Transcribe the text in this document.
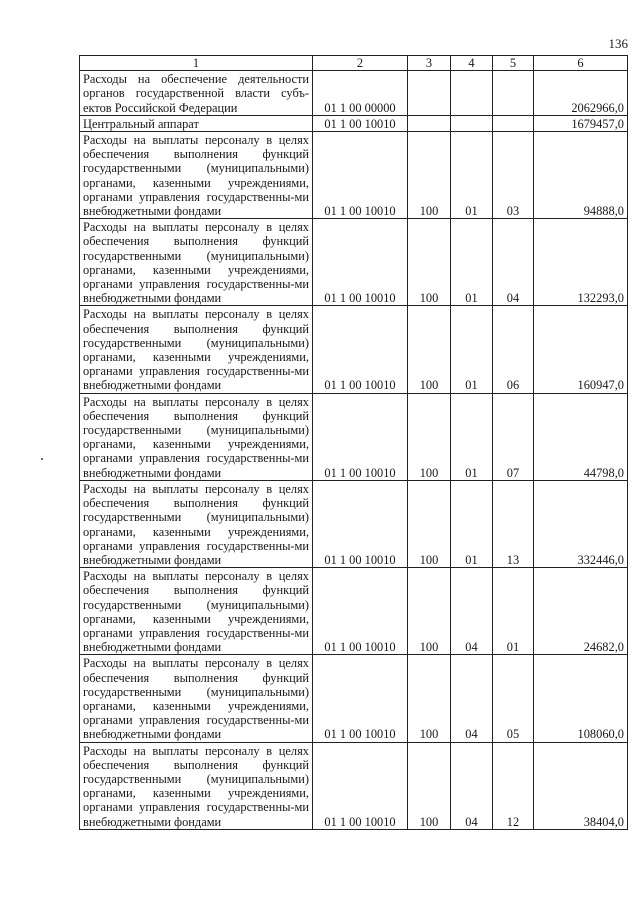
136
1	2	3	4	5	6
Расходы на обеспечение деятельности органов государственной власти субъ-ектов Российской Федерации	01 1 00 00000				2062966,0
Центральный аппарат	01 1 00 10010				1679457,0
Расходы на выплаты персоналу в целях обеспечения выполнения функций государственными (муниципальными) органами, казенными учреждениями, органами управления государственны-ми внебюджетными фондами	01 1 00 10010	100	01	03	94888,0
Расходы на выплаты персоналу в целях обеспечения выполнения функций государственными (муниципальными) органами, казенными учреждениями, органами управления государственны-ми внебюджетными фондами	01 1 00 10010	100	01	04	132293,0
Расходы на выплаты персоналу в целях обеспечения выполнения функций государственными (муниципальными) органами, казенными учреждениями, органами управления государственны-ми внебюджетными фондами	01 1 00 10010	100	01	06	160947,0
Расходы на выплаты персоналу в целях обеспечения выполнения функций государственными (муниципальными) органами, казенными учреждениями, органами управления государственны-ми внебюджетными фондами	01 1 00 10010	100	01	07	44798,0
Расходы на выплаты персоналу в целях обеспечения выполнения функций государственными (муниципальными) органами, казенными учреждениями, органами управления государственны-ми внебюджетными фондами	01 1 00 10010	100	01	13	332446,0
Расходы на выплаты персоналу в целях обеспечения выполнения функций государственными (муниципальными) органами, казенными учреждениями, органами управления государственны-ми внебюджетными фондами	01 1 00 10010	100	04	01	24682,0
Расходы на выплаты персоналу в целях обеспечения выполнения функций государственными (муниципальными) органами, казенными учреждениями, органами управления государственны-ми внебюджетными фондами	01 1 00 10010	100	04	05	108060,0
Расходы на выплаты персоналу в целях обеспечения выполнения функций государственными (муниципальными) органами, казенными учреждениями, органами управления государственны-ми внебюджетными фондами	01 1 00 10010	100	04	12	38404,0
